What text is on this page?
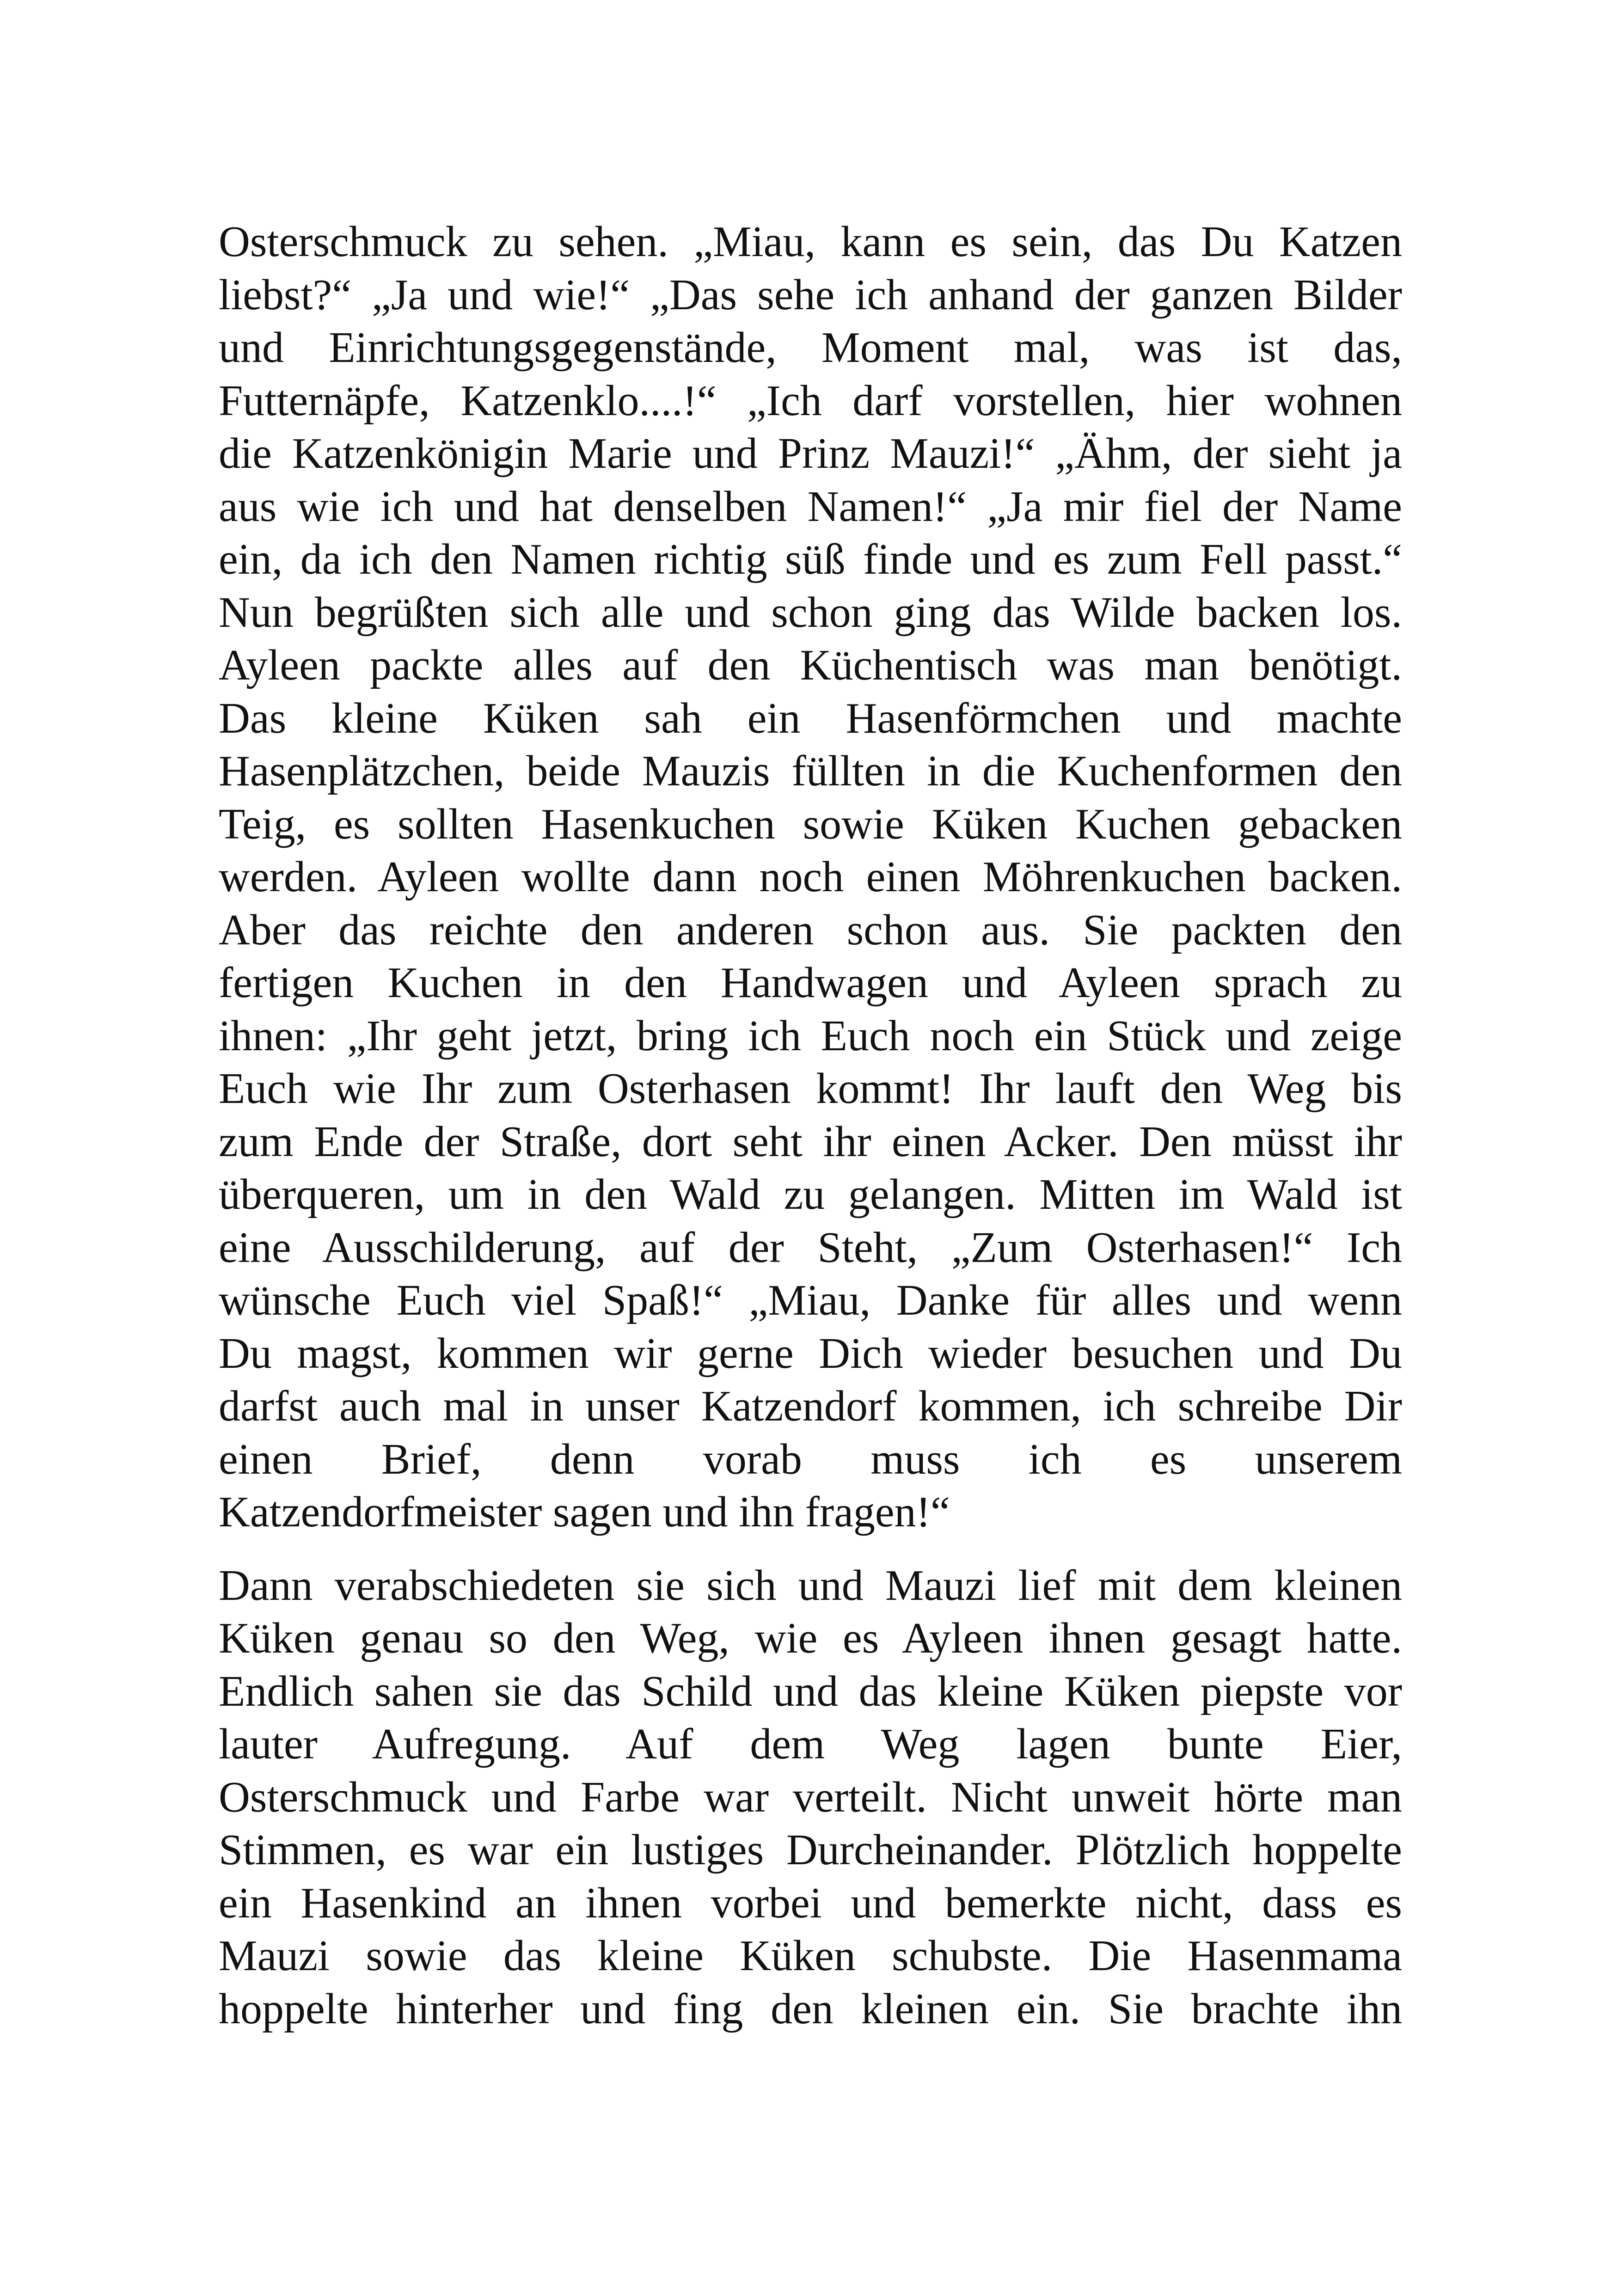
Osterschmuck zu sehen. „Miau, kann es sein, das Du Katzen
liebst?“ „Ja und wie!“ „Das sehe ich anhand der ganzen Bilder
und Einrichtungsgegenstände, Moment mal, was ist das,
Futternäpfe, Katzenklo....!“ „Ich darf vorstellen, hier wohnen
die Katzenkönigin Marie und Prinz Mauzi!“ „Ähm, der sieht ja
aus wie ich und hat denselben Namen!“ „Ja mir fiel der Name
ein, da ich den Namen richtig süß finde und es zum Fell passt.“
Nun begrüßten sich alle und schon ging das Wilde backen los.
Ayleen packte alles auf den Küchentisch was man benötigt.
Das kleine Küken sah ein Hasenförmchen und machte
Hasenplätzchen, beide Mauzis füllten in die Kuchenformen den
Teig, es sollten Hasenkuchen sowie Küken Kuchen gebacken
werden. Ayleen wollte dann noch einen Möhrenkuchen backen.
Aber das reichte den anderen schon aus. Sie packten den
fertigen Kuchen in den Handwagen und Ayleen sprach zu
ihnen: „Ihr geht jetzt, bring ich Euch noch ein Stück und zeige
Euch wie Ihr zum Osterhasen kommt! Ihr lauft den Weg bis
zum Ende der Straße, dort seht ihr einen Acker. Den müsst ihr
überqueren, um in den Wald zu gelangen. Mitten im Wald ist
eine Ausschilderung, auf der Steht, „Zum Osterhasen!“ Ich
wünsche Euch viel Spaß!“ „Miau, Danke für alles und wenn
Du magst, kommen wir gerne Dich wieder besuchen und Du
darfst auch mal in unser Katzendorf kommen, ich schreibe Dir
einen Brief, denn vorab muss ich es unserem
Katzendorfmeister sagen und ihn fragen!“
Dann verabschiedeten sie sich und Mauzi lief mit dem kleinen
Küken genau so den Weg, wie es Ayleen ihnen gesagt hatte.
Endlich sahen sie das Schild und das kleine Küken piepste vor
lauter Aufregung. Auf dem Weg lagen bunte Eier,
Osterschmuck und Farbe war verteilt. Nicht unweit hörte man
Stimmen, es war ein lustiges Durcheinander. Plötzlich hoppelte
ein Hasenkind an ihnen vorbei und bemerkte nicht, dass es
Mauzi sowie das kleine Küken schubste. Die Hasenmama
hoppelte hinterher und fing den kleinen ein. Sie brachte ihn
